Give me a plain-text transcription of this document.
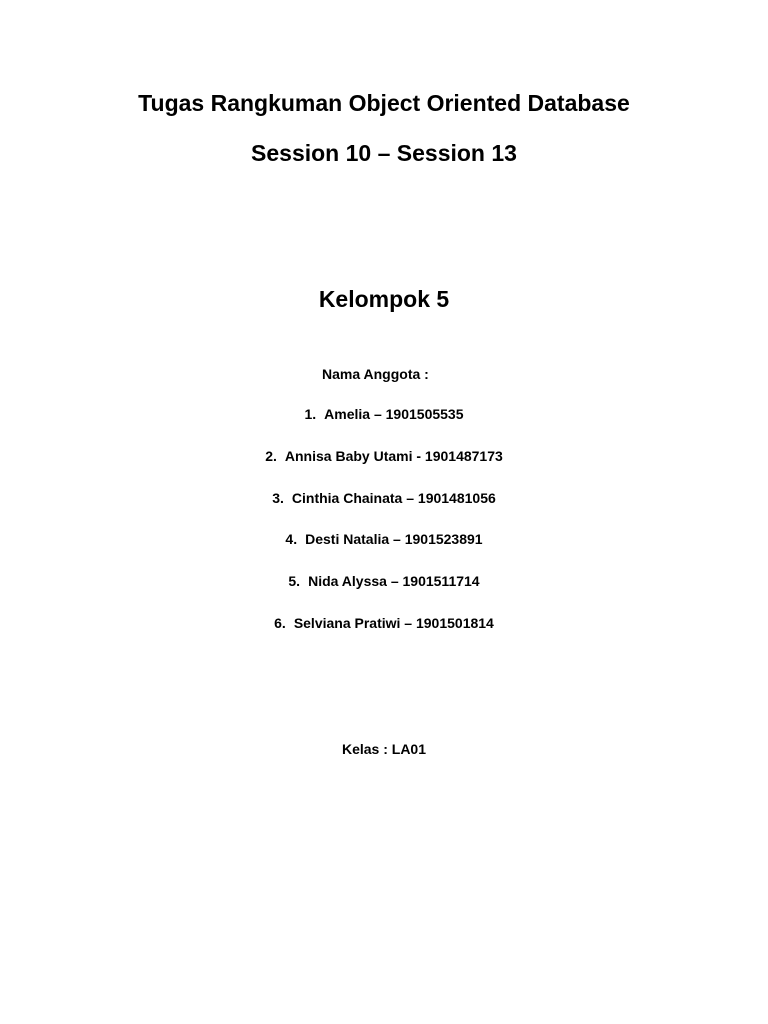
Tugas Rangkuman Object Oriented Database
Session 10 – Session 13
Kelompok 5
Nama Anggota :
1. Amelia – 1901505535
2. Annisa Baby Utami - 1901487173
3. Cinthia Chainata – 1901481056
4. Desti Natalia – 1901523891
5. Nida Alyssa – 1901511714
6. Selviana Pratiwi – 1901501814
Kelas : LA01
